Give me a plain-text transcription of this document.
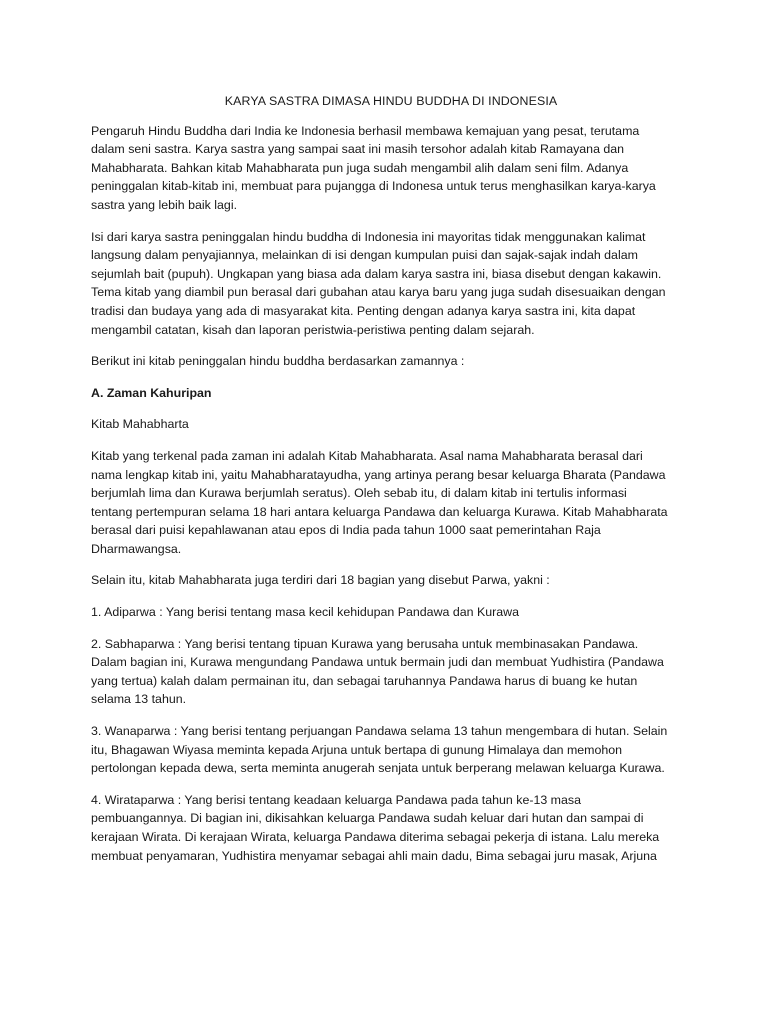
KARYA SASTRA DIMASA HINDU BUDDHA DI INDONESIA
Pengaruh Hindu Buddha dari India ke Indonesia berhasil membawa kemajuan yang pesat, terutama
dalam seni sastra. Karya sastra yang sampai saat ini masih tersohor adalah kitab Ramayana dan
Mahabharata. Bahkan kitab Mahabharata pun juga sudah mengambil alih dalam seni film. Adanya
peninggalan kitab-kitab ini, membuat para pujangga di Indonesa untuk terus menghasilkan karya-karya
sastra yang lebih baik lagi.
Isi dari karya sastra peninggalan hindu buddha di Indonesia ini mayoritas tidak menggunakan kalimat
langsung dalam penyajiannya, melainkan di isi dengan kumpulan puisi dan sajak-sajak indah dalam
sejumlah bait (pupuh). Ungkapan yang biasa ada dalam karya sastra ini, biasa disebut dengan kakawin.
Tema kitab yang diambil pun berasal dari gubahan atau karya baru yang juga sudah disesuaikan dengan
tradisi dan budaya yang ada di masyarakat kita. Penting dengan adanya karya sastra ini, kita dapat
mengambil catatan, kisah dan laporan peristwia-peristiwa penting dalam sejarah.
Berikut ini kitab peninggalan hindu buddha berdasarkan zamannya :
A. Zaman Kahuripan
Kitab Mahabharta
Kitab yang terkenal pada zaman ini adalah Kitab Mahabharata. Asal nama Mahabharata berasal dari
nama lengkap kitab ini, yaitu Mahabharatayudha, yang artinya perang besar keluarga Bharata (Pandawa
berjumlah lima dan Kurawa berjumlah seratus). Oleh sebab itu, di dalam kitab ini tertulis informasi
tentang pertempuran selama 18 hari antara keluarga Pandawa dan keluarga Kurawa. Kitab Mahabharata
berasal dari puisi kepahlawanan atau epos di India pada tahun 1000 saat pemerintahan Raja
Dharmawangsa.
Selain itu, kitab Mahabharata juga terdiri dari 18 bagian yang disebut Parwa, yakni :
1. Adiparwa : Yang berisi tentang masa kecil kehidupan Pandawa dan Kurawa
2. Sabhaparwa : Yang berisi tentang tipuan Kurawa yang berusaha untuk membinasakan Pandawa.
Dalam bagian ini, Kurawa mengundang Pandawa untuk bermain judi dan membuat Yudhistira (Pandawa
yang tertua) kalah dalam permainan itu, dan sebagai taruhannya Pandawa harus di buang ke hutan
selama 13 tahun.
3. Wanaparwa : Yang berisi tentang perjuangan Pandawa selama 13 tahun mengembara di hutan. Selain
itu, Bhagawan Wiyasa meminta kepada Arjuna untuk bertapa di gunung Himalaya dan memohon
pertolongan kepada dewa, serta meminta anugerah senjata untuk berperang melawan keluarga Kurawa.
4. Wirataparwa : Yang berisi tentang keadaan keluarga Pandawa pada tahun ke-13 masa
pembuangannya. Di bagian ini, dikisahkan keluarga Pandawa sudah keluar dari hutan dan sampai di
kerajaan Wirata. Di kerajaan Wirata, keluarga Pandawa diterima sebagai pekerja di istana. Lalu mereka
membuat penyamaran, Yudhistira menyamar sebagai ahli main dadu, Bima sebagai juru masak, Arjuna
